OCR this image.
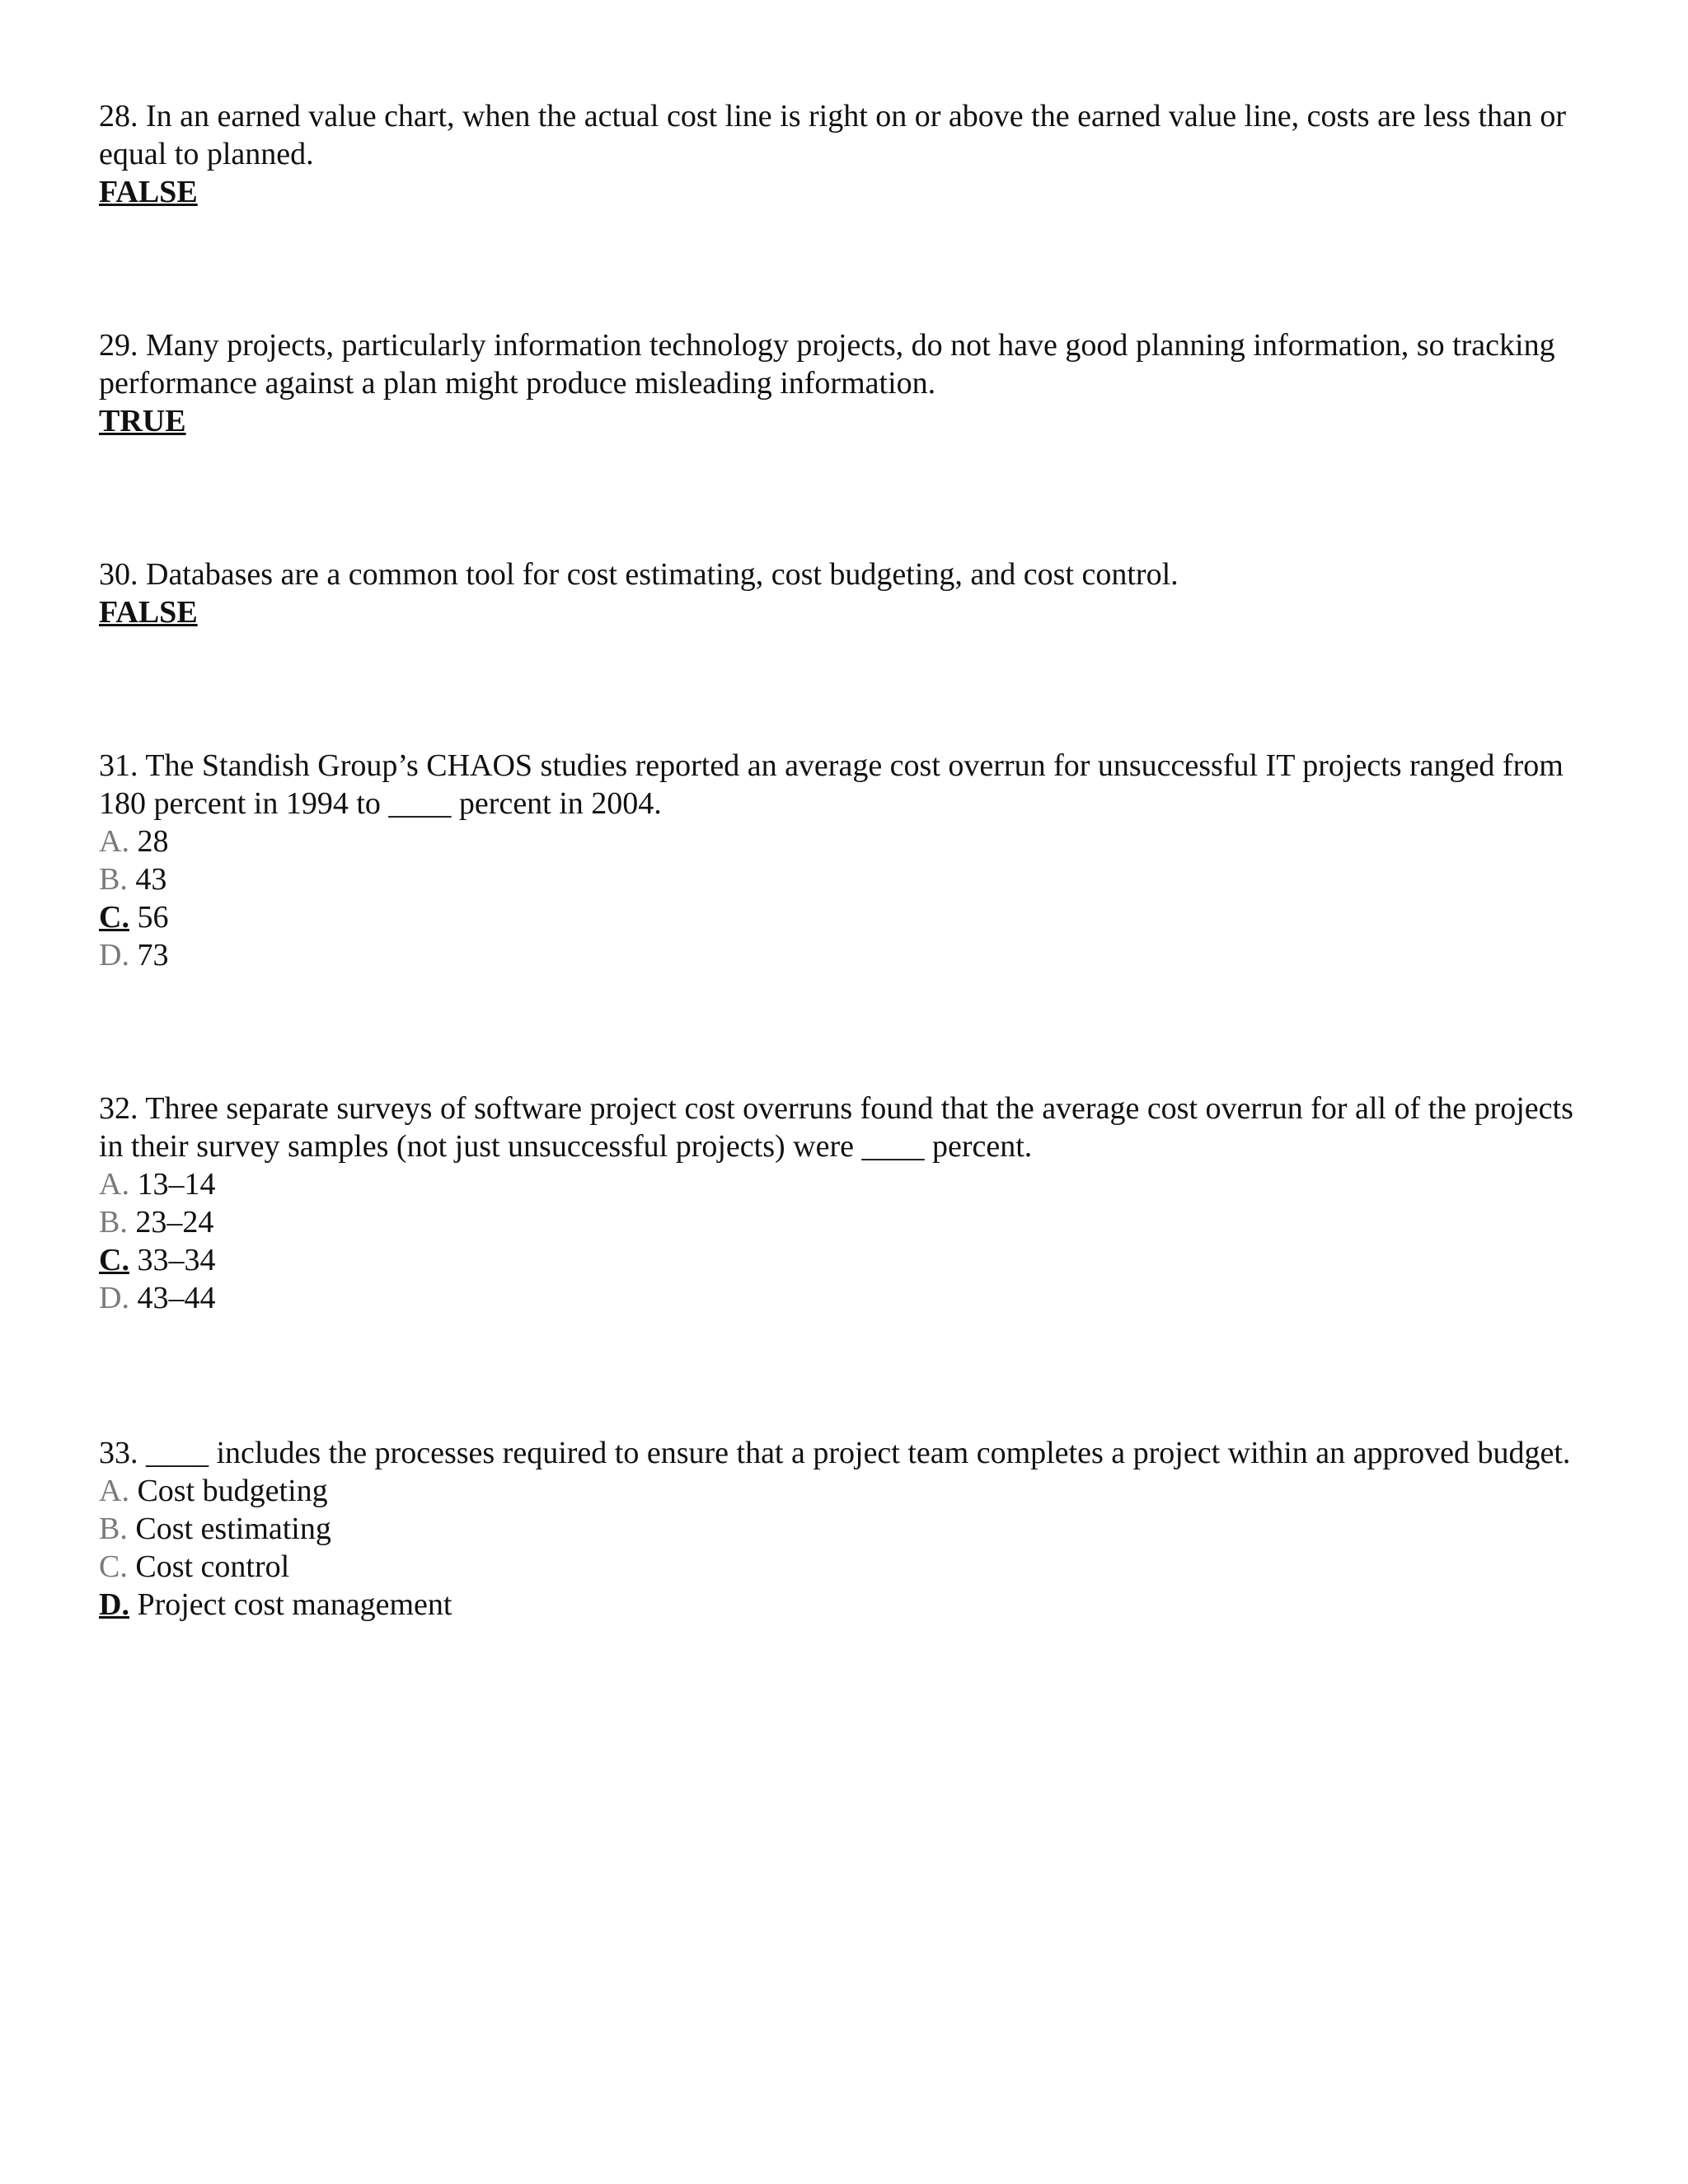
28. In an earned value chart, when the actual cost line is right on or above the earned value line, costs are less than or equal to planned.
FALSE
29. Many projects, particularly information technology projects, do not have good planning information, so tracking performance against a plan might produce misleading information.
TRUE
30. Databases are a common tool for cost estimating, cost budgeting, and cost control.
FALSE
31. The Standish Group’s CHAOS studies reported an average cost overrun for unsuccessful IT projects ranged from 180 percent in 1994 to ____ percent in 2004.
A. 28
B. 43
C. 56
D. 73
32. Three separate surveys of software project cost overruns found that the average cost overrun for all of the projects in their survey samples (not just unsuccessful projects) were ____ percent.
A. 13–14
B. 23–24
C. 33–34
D. 43–44
33. ____ includes the processes required to ensure that a project team completes a project within an approved budget.
A. Cost budgeting
B. Cost estimating
C. Cost control
D. Project cost management
